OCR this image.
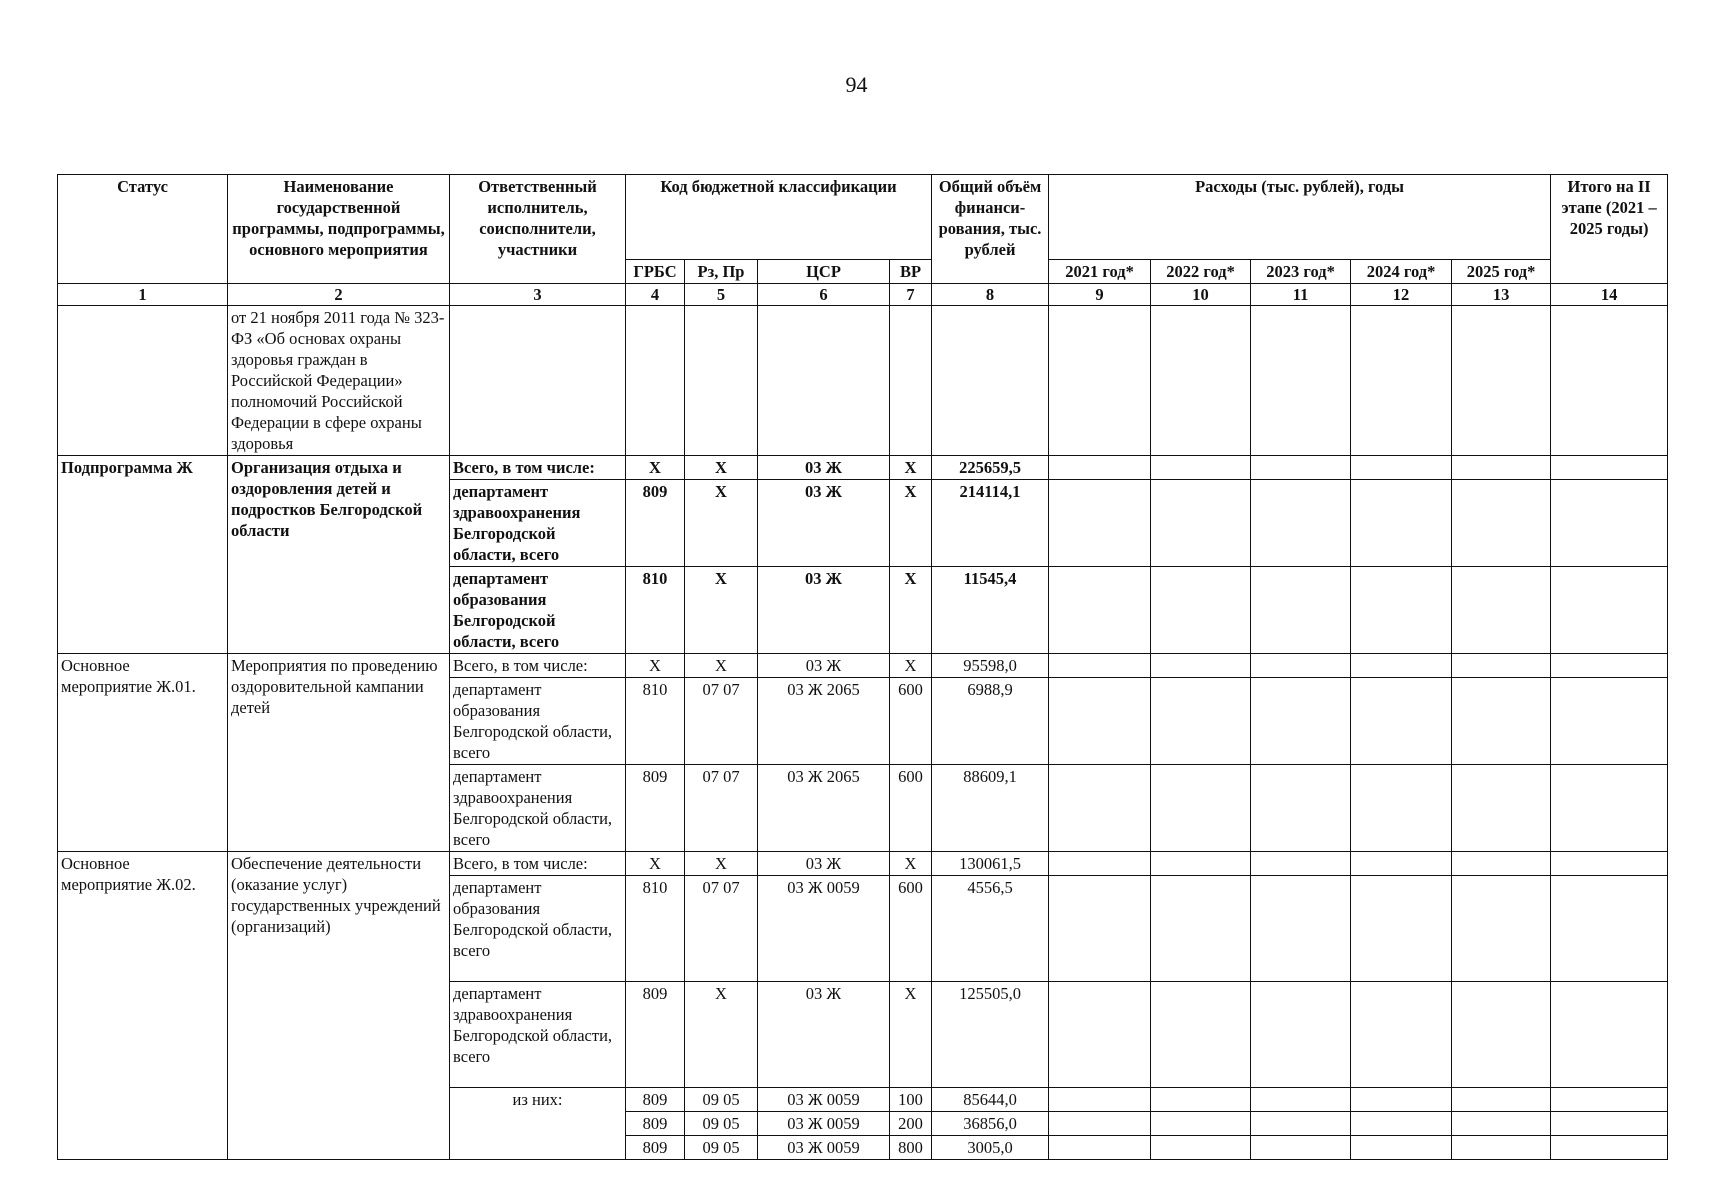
94
Статус	Наименование государственной программы, подпрограммы, основного мероприятия	Ответственный исполнитель, соисполнители, участники	Код бюджетной классификации				Общий объём финанси-рования, тыс. рублей	Расходы (тыс. рублей), годы					Итого на II этапе (2021 – 2025 годы)
			ГРБС	Рз, Пр	ЦСР	ВР		2021 год*	2022 год*	2023 год*	2024 год*	2025 год*	
1	2	3	4	5	6	7	8	9	10	11	12	13	14
	от 21 ноября 2011 года № 323-ФЗ «Об основах охраны здоровья граждан в Российской Федерации» полномочий Российской Федерации в сфере охраны здоровья												
Подпрограмма Ж	Организация отдыха и оздоровления детей и подростков Белгородской области	Всего, в том числе:	Х	Х	03 Ж	Х	225659,5						
		департамент здравоохранения Белгородской области, всего	809	Х	03 Ж	Х	214114,1						
		департамент образования Белгородской области, всего	810	Х	03 Ж	Х	11545,4						
Основное мероприятие Ж.01.	Мероприятия по проведению оздоровительной кампании детей	Всего, в том числе:	Х	Х	03 Ж	Х	95598,0						
		департамент образования Белгородской области, всего	810	07 07	03 Ж 2065	600	6988,9						
		департамент здравоохранения Белгородской области, всего	809	07 07	03 Ж 2065	600	88609,1						
Основное мероприятие Ж.02.	Обеспечение деятельности (оказание услуг) государственных учреждений (организаций)	Всего, в том числе:	Х	Х	03 Ж	Х	130061,5						
		департамент образования Белгородской области, всего	810	07 07	03 Ж 0059	600	4556,5						
		департамент здравоохранения Белгородской области, всего	809	Х	03 Ж	Х	125505,0						
		из них:	809	09 05	03 Ж 0059	100	85644,0						
			809	09 05	03 Ж 0059	200	36856,0						
			809	09 05	03 Ж 0059	800	3005,0						
